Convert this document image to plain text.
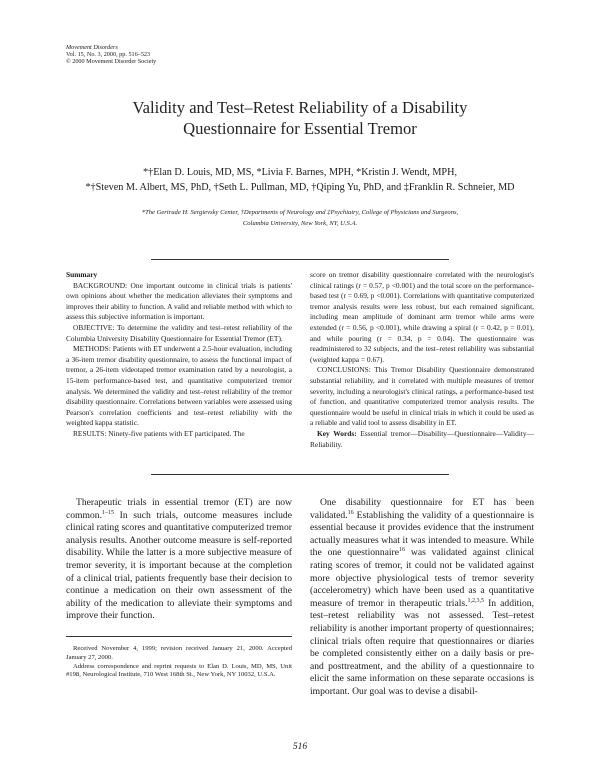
Movement Disorders
Vol. 15, No. 3, 2000, pp. 516–523
© 2000 Movement Disorder Society
Validity and Test–Retest Reliability of a Disability
Questionnaire for Essential Tremor
*†Elan D. Louis, MD, MS, *Livia F. Barnes, MPH, *Kristin J. Wendt, MPH,
*†Steven M. Albert, MS, PhD, †Seth L. Pullman, MD, †Qiping Yu, PhD, and ‡Franklin R. Schneier, MD
*The Gertrude H. Sergievsky Center, †Departments of Neurology and ‡Psychiatry, College of Physicians and Surgeons,
Columbia University, New York, NY, U.S.A.

Summary

BACKGROUND: One important outcome in clinical trials is patients' own opinions about whether the medication alleviates their symptoms and improves their ability to function. A valid and reliable method with which to assess this subjective information is important.

OBJECTIVE: To determine the validity and test–retest reliability of the Columbia University Disability Questionnaire for Essential Tremor (ET).

METHODS: Patients with ET underwent a 2.5-hour evaluation, including a 36-item tremor disability questionnaire, to assess the functional impact of tremor, a 26-item videotaped tremor examination rated by a neurologist, a 15-item performance-based test, and quantitative computerized tremor analysis. We determined the validity and test–retest reliability of the tremor disability questionnaire. Correlations between variables were assessed using Pearson's correlation coefficients and test–retest reliability with the weighted kappa statistic.

RESULTS: Ninety-five patients with ET participated. The

score on tremor disability questionnaire correlated with the neurologist's clinical ratings (r = 0.57, p <0.001) and the total score on the performance-based test (r = 0.69, p <0.001). Correlations with quantitative computerized tremor analysis results were less robust, but each remained significant, including mean amplitude of dominant arm tremor while arms were extended (r = 0.56, p <0.001), while drawing a spiral (r = 0.42, p = 0.01), and while pouring (r = 0.34, p = 0.04). The questionnaire was readministered to 32 subjects, and the test–retest reliability was substantial (weighted kappa = 0.67).

CONCLUSIONS: This Tremor Disability Questionnaire demonstrated substantial reliability, and it correlated with multiple measures of tremor severity, including a neurologist's clinical ratings, a performance-based test of function, and quantitative computerized tremor analysis results. The questionnaire would be useful in clinical trials in which it could be used as a reliable and valid tool to assess disability in ET.

Key Words: Essential tremor—Disability—Questionnaire—Validity—Reliability.

Therapeutic trials in essential tremor (ET) are now common.$^{1-15}$ In such trials, outcome measures include clinical rating scores and quantitative computerized tremor analysis results. Another outcome measure is self-reported disability. While the latter is a more subjective measure of tremor severity, it is important because at the completion of a clinical trial, patients frequently base their decision to continue a medication on their own assessment of the ability of the medication to alleviate their symptoms and improve their function.

One disability questionnaire for ET has been validated.$^{16}$ Establishing the validity of a questionnaire is essential because it provides evidence that the instrument actually measures what it was intended to measure. While the one questionnaire$^{16}$ was validated against clinical rating scores of tremor, it could not be validated against more objective physiological tests of tremor severity (accelerometry) which have been used as a quantitative measure of tremor in therapeutic trials.$^{1,2,3,5}$ In addition, test–retest reliability was not assessed. Test–retest reliability is another important property of questionnaires; clinical trials often require that questionnaires or diaries be completed consistently either on a daily basis or pre- and posttreatment, and the ability of a questionnaire to elicit the same information on these separate occasions is important. Our goal was to devise a disabil-

Received November 4, 1999; revision received January 21, 2000. Accepted January 27, 2000.

Address correspondence and reprint requests to Elan D. Louis, MD, MS, Unit #198, Neurological Institute, 710 West 168th St., New York, NY 10032, U.S.A.

516
